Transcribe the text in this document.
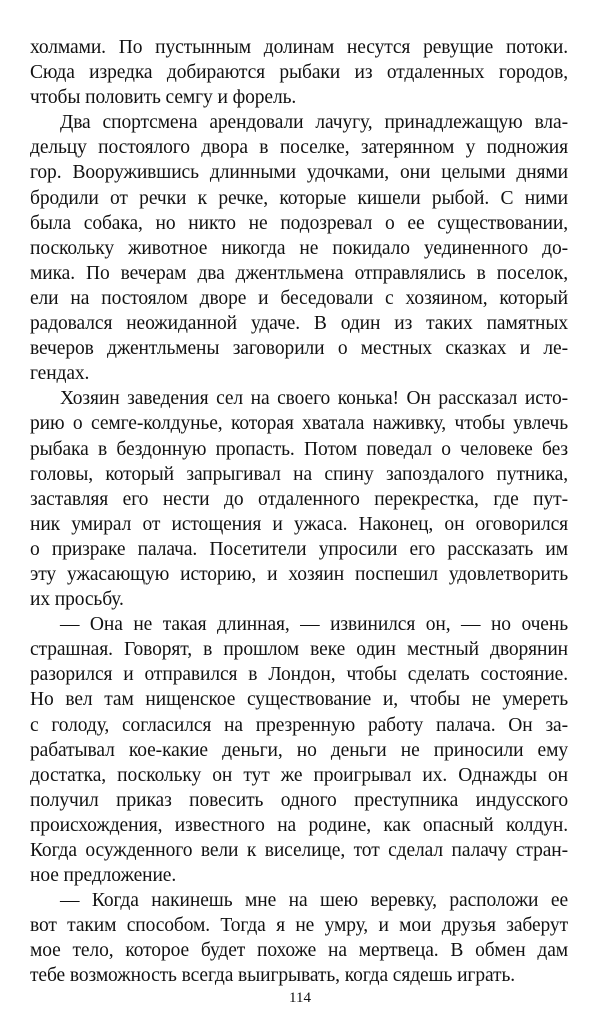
холмами. По пустынным долинам несутся ревущие потоки.
Сюда изредка добираются рыбаки из отдаленных городов,
чтобы половить семгу и форель.
Два спортсмена арендовали лачугу, принадлежащую вла-
дельцу постоялого двора в поселке, затерянном у подножия
гор. Вооружившись длинными удочками, они целыми днями
бродили от речки к речке, которые кишели рыбой. С ними
была собака, но никто не подозревал о ее существовании,
поскольку животное никогда не покидало уединенного до-
мика. По вечерам два джентльмена отправлялись в поселок,
ели на постоялом дворе и беседовали с хозяином, который
радовался неожиданной удаче. В один из таких памятных
вечеров джентльмены заговорили о местных сказках и ле-
гендах.
Хозяин заведения сел на своего конька! Он рассказал исто-
рию о семге-колдунье, которая хватала наживку, чтобы увлечь
рыбака в бездонную пропасть. Потом поведал о человеке без
головы, который запрыгивал на спину запоздалого путника,
заставляя его нести до отдаленного перекрестка, где пут-
ник умирал от истощения и ужаса. Наконец, он оговорился
о призраке палача. Посетители упросили его рассказать им
эту ужасающую историю, и хозяин поспешил удовлетворить
их просьбу.
— Она не такая длинная, — извинился он, — но очень
страшная. Говорят, в прошлом веке один местный дворянин
разорился и отправился в Лондон, чтобы сделать состояние.
Но вел там нищенское существование и, чтобы не умереть
с голоду, согласился на презренную работу палача. Он за-
рабатывал кое-какие деньги, но деньги не приносили ему
достатка, поскольку он тут же проигрывал их. Однажды он
получил приказ повесить одного преступника индусского
происхождения, известного на родине, как опасный колдун.
Когда осужденного вели к виселице, тот сделал палачу стран-
ное предложение.
— Когда накинешь мне на шею веревку, расположи ее
вот таким способом. Тогда я не умру, и мои друзья заберут
мое тело, которое будет похоже на мертвеца. В обмен дам
тебе возможность всегда выигрывать, когда сядешь играть.
114
